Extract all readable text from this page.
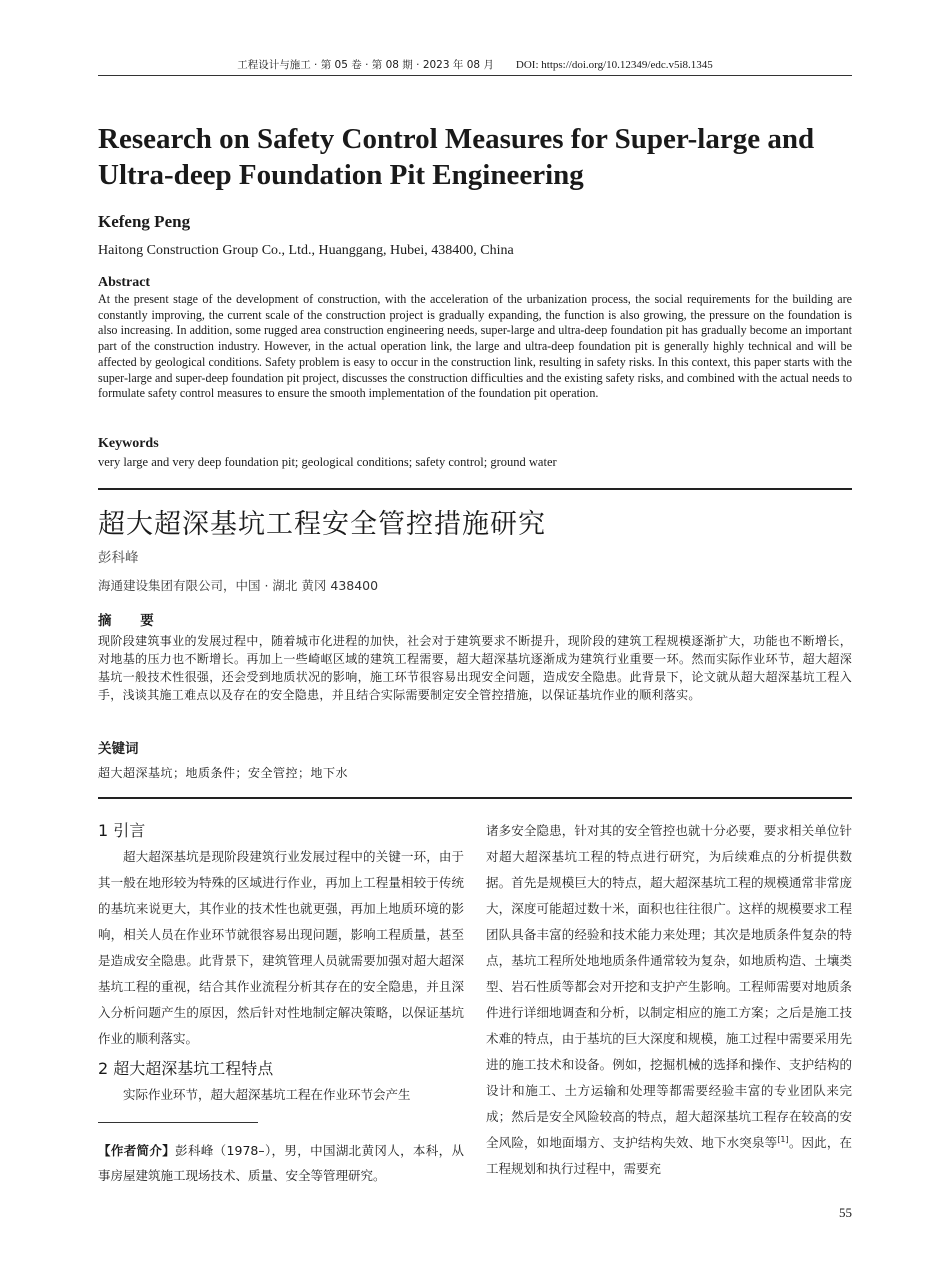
工程设计与施工 · 第 05 卷 · 第 08 期 · 2023 年 08 月 DOI: https://doi.org/10.12349/edc.v5i8.1345
Research on Safety Control Measures for Super-large and Ultra-deep Foundation Pit Engineering
Kefeng Peng
Haitong Construction Group Co., Ltd., Huanggang, Hubei, 438400, China
Abstract
At the present stage of the development of construction, with the acceleration of the urbanization process, the social requirements for the building are constantly improving, the current scale of the construction project is gradually expanding, the function is also growing, the pressure on the foundation is also increasing. In addition, some rugged area construction engineering needs, super-large and ultra-deep foundation pit has gradually become an important part of the construction industry. However, in the actual operation link, the large and ultra-deep foundation pit is generally highly technical and will be affected by geological conditions. Safety problem is easy to occur in the construction link, resulting in safety risks. In this context, this paper starts with the super-large and super-deep foundation pit project, discusses the construction difficulties and the existing safety risks, and combined with the actual needs to formulate safety control measures to ensure the smooth implementation of the foundation pit operation.
Keywords
very large and very deep foundation pit; geological conditions; safety control; ground water
超大超深基坑工程安全管控措施研究
彭科峰
海通建设集团有限公司，中国 · 湖北 黄冈 438400
摘 要
现阶段建筑事业的发展过程中，随着城市化进程的加快，社会对于建筑要求不断提升，现阶段的建筑工程规模逐渐扩大，功能也不断增长，对地基的压力也不断增长。再加上一些崎岖区域的建筑工程需要，超大超深基坑逐渐成为建筑行业重要一环。然而实际作业环节，超大超深基坑一般技术性很强，还会受到地质状况的影响，施工环节很容易出现安全问题，造成安全隐患。此背景下，论文就从超大超深基坑工程入手，浅谈其施工难点以及存在的安全隐患，并且结合实际需要制定安全管控措施，以保证基坑作业的顺利落实。
关键词
超大超深基坑；地质条件；安全管控；地下水
1 引言
超大超深基坑是现阶段建筑行业发展过程中的关键一环，由于其一般在地形较为特殊的区域进行作业，再加上工程量相较于传统的基坑来说更大，其作业的技术性也就更强，再加上地质环境的影响，相关人员在作业环节就很容易出现问题，影响工程质量，甚至是造成安全隐患。此背景下，建筑管理人员就需要加强对超大超深基坑工程的重视，结合其作业流程分析其存在的安全隐患，并且深入分析问题产生的原因，然后针对性地制定解决策略，以保证基坑作业的顺利落实。
2 超大超深基坑工程特点
实际作业环节，超大超深基坑工程在作业环节会产生
诸多安全隐患，针对其的安全管控也就十分必要，要求相关单位针对超大超深基坑工程的特点进行研究，为后续难点的分析提供数据。首先是规模巨大的特点，超大超深基坑工程的规模通常非常庞大，深度可能超过数十米，面积也往往很广。这样的规模要求工程团队具备丰富的经验和技术能力来处理；其次是地质条件复杂的特点，基坑工程所处地地质条件通常较为复杂，如地质构造、土壤类型、岩石性质等都会对开挖和支护产生影响。工程师需要对地质条件进行详细地调查和分析，以制定相应的施工方案；之后是施工技术难的特点，由于基坑的巨大深度和规模，施工过程中需要采用先进的施工技术和设备。例如，挖掘机械的选择和操作、支护结构的设计和施工、土方运输和处理等都需要经验丰富的专业团队来完成；然后是安全风险较高的特点，超大超深基坑工程存在较高的安全风险，如地面塌方、支护结构失效、地下水突泉等[1]。因此，在工程规划和执行过程中，需要充
【作者简介】彭科峰（1978–），男，中国湖北黄冈人，本科，从事房屋建筑施工现场技术、质量、安全等管理研究。
55
